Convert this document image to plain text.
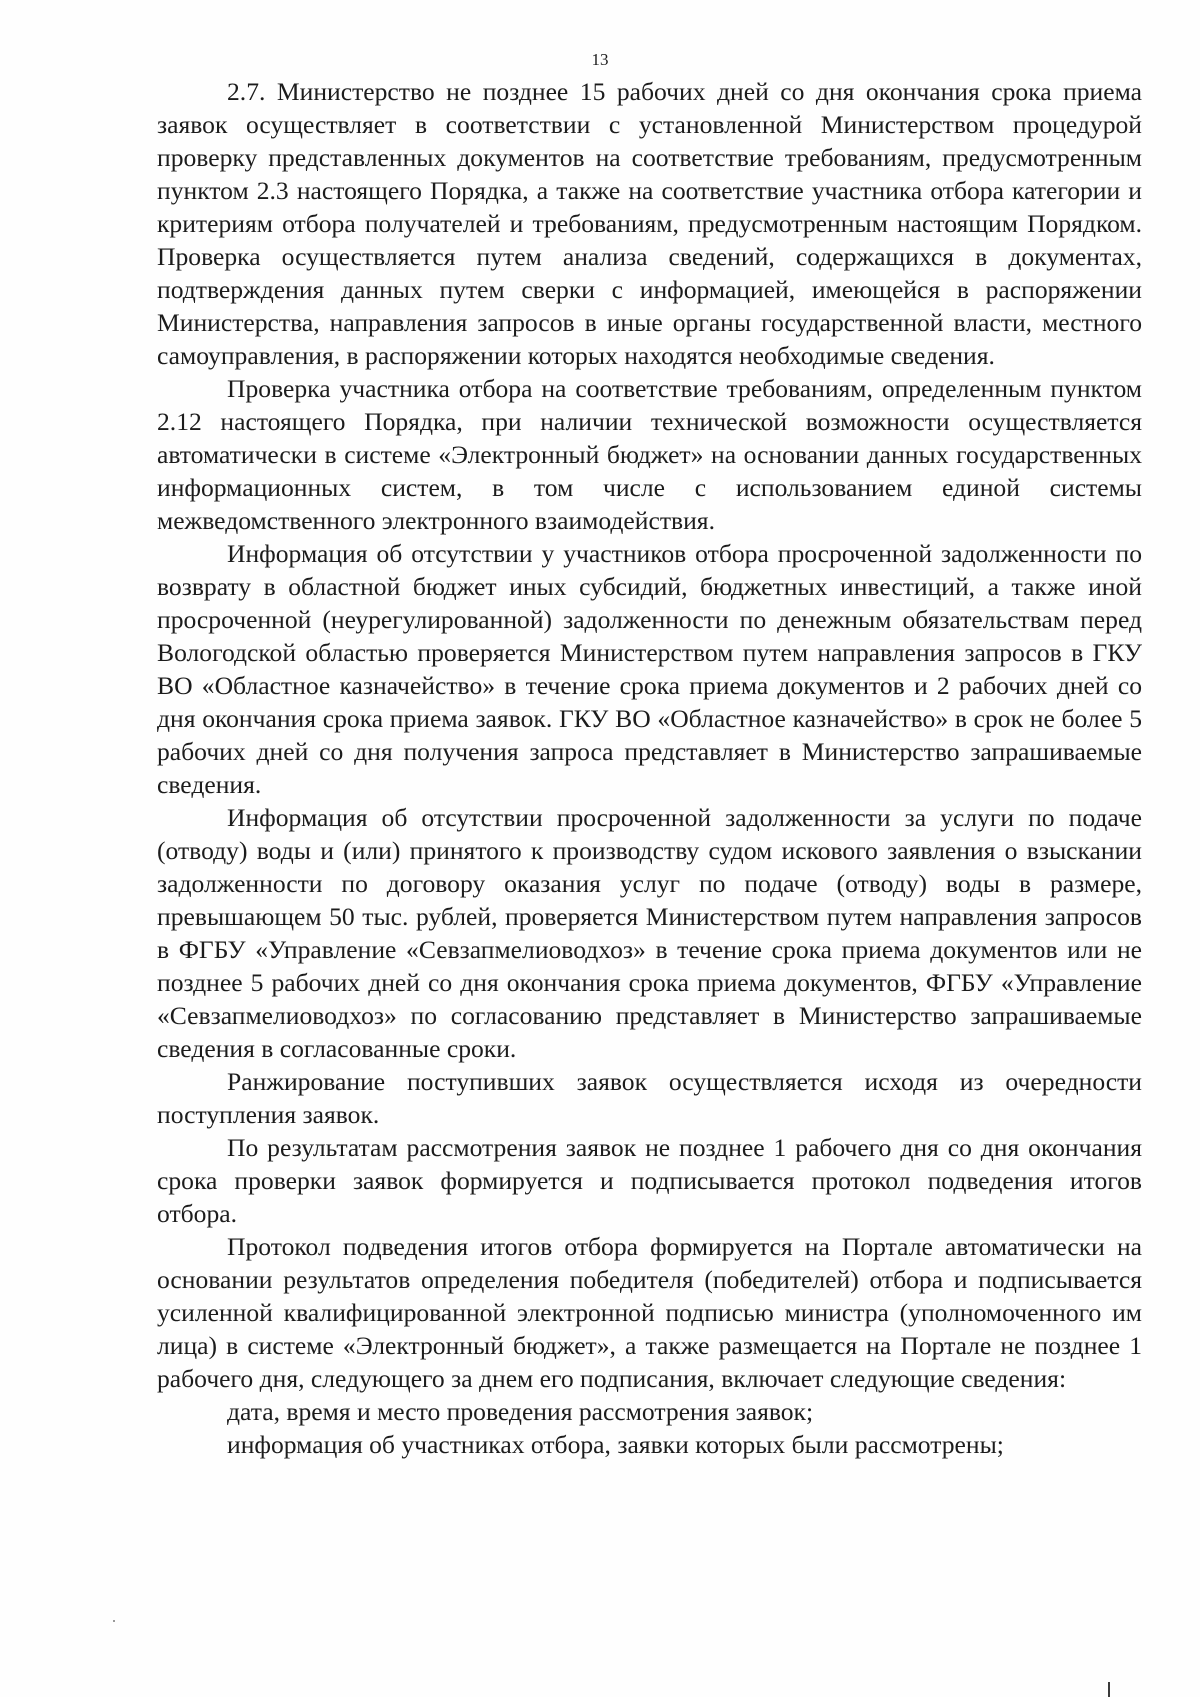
13

2.7. Министерство не позднее 15 рабочих дней со дня окончания срока приема заявок осуществляет в соответствии с установленной Министерством процедурой проверку представленных документов на соответствие требованиям, предусмотренным пунктом 2.3 настоящего Порядка, а также на соответствие участника отбора категории и критериям отбора получателей и требованиям, предусмотренным настоящим Порядком. Проверка осуществляется путем анализа сведений, содержащихся в документах, подтверждения данных путем сверки с информацией, имеющейся в распоряжении Министерства, направления запросов в иные органы государственной власти, местного самоуправления, в распоряжении которых находятся необходимые сведения.

Проверка участника отбора на соответствие требованиям, определенным пунктом 2.12 настоящего Порядка, при наличии технической возможности осуществляется автоматически в системе «Электронный бюджет» на основании данных государственных информационных систем, в том числе с использованием единой системы межведомственного электронного взаимодействия.

Информация об отсутствии у участников отбора просроченной задолженности по возврату в областной бюджет иных субсидий, бюджетных инвестиций, а также иной просроченной (неурегулированной) задолженности по денежным обязательствам перед Вологодской областью проверяется Министерством путем направления запросов в ГКУ ВО «Областное казначейство» в течение срока приема документов и 2 рабочих дней со дня окончания срока приема заявок. ГКУ ВО «Областное казначейство» в срок не более 5 рабочих дней со дня получения запроса представляет в Министерство запрашиваемые сведения.

Информация об отсутствии просроченной задолженности за услуги по подаче (отводу) воды и (или) принятого к производству судом искового заявления о взыскании задолженности по договору оказания услуг по подаче (отводу) воды в размере, превышающем 50 тыс. рублей, проверяется Министерством путем направления запросов в ФГБУ «Управление «Севзапмелиоводхоз» в течение срока приема документов или не позднее 5 рабочих дней со дня окончания срока приема документов, ФГБУ «Управление «Севзапмелиоводхоз» по согласованию представляет в Министерство запрашиваемые сведения в согласованные сроки.

Ранжирование поступивших заявок осуществляется исходя из очередности поступления заявок.

По результатам рассмотрения заявок не позднее 1 рабочего дня со дня окончания срока проверки заявок формируется и подписывается протокол подведения итогов отбора.

Протокол подведения итогов отбора формируется на Портале автоматически на основании результатов определения победителя (победителей) отбора и подписывается усиленной квалифицированной электронной подписью министра (уполномоченного им лица) в системе «Электронный бюджет», а также размещается на Портале не позднее 1 рабочего дня, следующего за днем его подписания, включает следующие сведения:

дата, время и место проведения рассмотрения заявок;

информация об участниках отбора, заявки которых были рассмотрены;
